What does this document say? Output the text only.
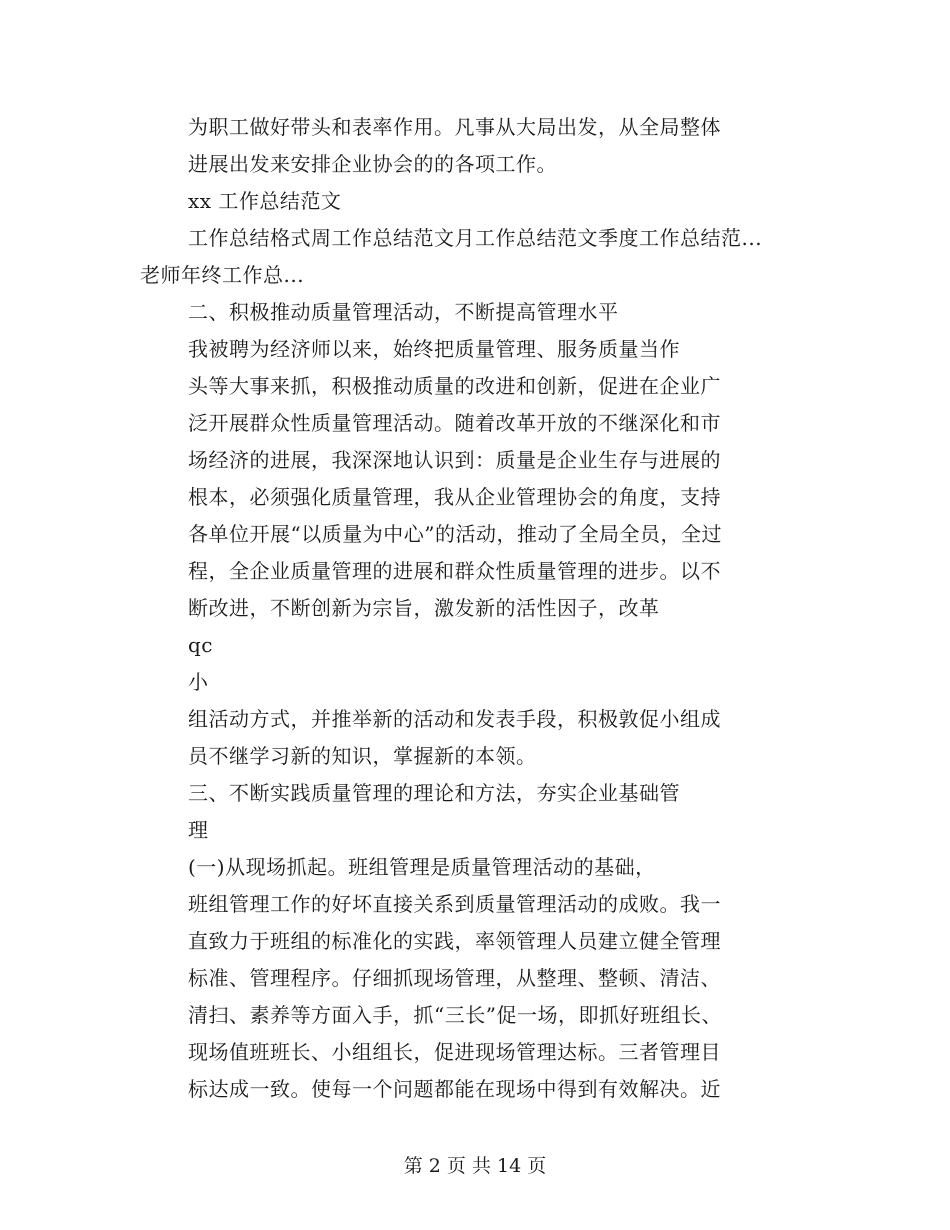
为职工做好带头和表率作用。凡事从大局出发，从全局整体
进展出发来安排企业协会的的各项工作。
xx 工作总结范文
工作总结格式周工作总结范文月工作总结范文季度工作总结范...
老师年终工作总...
二、积极推动质量管理活动，不断提高管理水平
我被聘为经济师以来，始终把质量管理、服务质量当作
头等大事来抓，积极推动质量的改进和创新，促进在企业广
泛开展群众性质量管理活动。随着改革开放的不继深化和市
场经济的进展，我深深地认识到：质量是企业生存与进展的
根本，必须强化质量管理，我从企业管理协会的角度，支持
各单位开展“以质量为中心”的活动，推动了全局全员，全过
程，全企业质量管理的进展和群众性质量管理的进步。以不
断改进，不断创新为宗旨，激发新的活性因子，改革
qc
小
组活动方式，并推举新的活动和发表手段，积极敦促小组成
员不继学习新的知识，掌握新的本领。
三、不断实践质量管理的理论和方法，夯实企业基础管
理
(一)从现场抓起。班组管理是质量管理活动的基础，
班组管理工作的好坏直接关系到质量管理活动的成败。我一
直致力于班组的标准化的实践，率领管理人员建立健全管理
标准、管理程序。仔细抓现场管理，从整理、整顿、清洁、
清扫、素养等方面入手，抓“三长”促一场，即抓好班组长、
现场值班班长、小组组长，促进现场管理达标。三者管理目
标达成一致。使每一个问题都能在现场中得到有效解决。近
第 2 页 共 14 页
